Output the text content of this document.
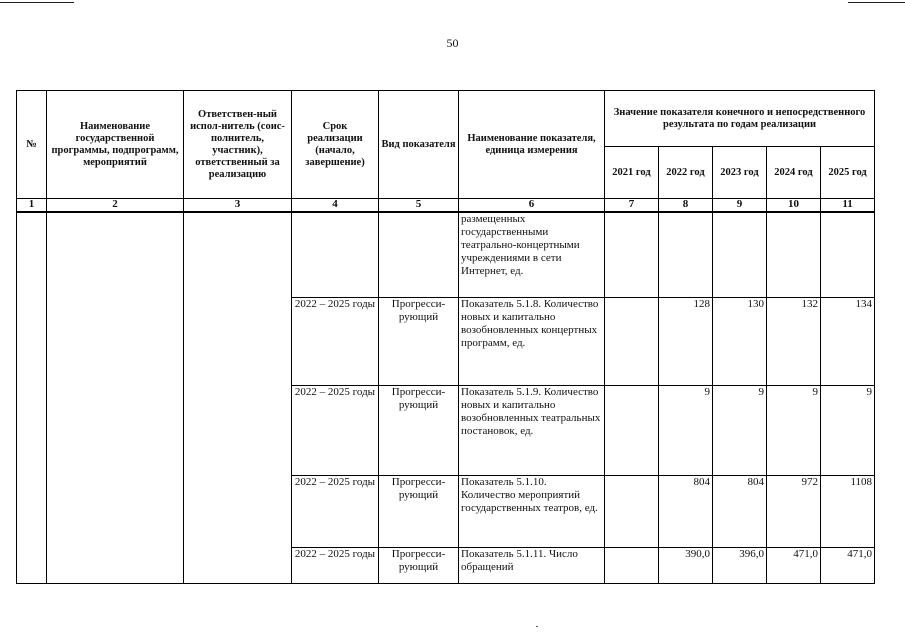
50
№	Наименование государственной программы, подпрограмм, мероприятий	Ответствен-ный испол-нитель (соис-полнитель, участник), ответственный за реализацию	Срок реализации (начало, завершение)	Вид показателя	Наименование показателя, единица измерения	Значение показателя конечного и непосредственного результата по годам реализации				
						2021 год	2022 год	2023 год	2024 год	2025 год
1	2	3	4	5	6	7	8	9	10	11
					размещенных государственными театрально-концертными учреждениями в сети Интернет, ед.					
			2022 – 2025 годы	Прогресси-рующий	Показатель 5.1.8. Количество новых и капитально возобновленных концертных программ, ед.		128	130	132	134
			2022 – 2025 годы	Прогресси-рующий	Показатель 5.1.9. Количество новых и капитально возобновленных театральных постановок, ед.		9	9	9	9
			2022 – 2025 годы	Прогресси-рующий	Показатель 5.1.10. Количество мероприятий государственных театров, ед.		804	804	972	1108
			2022 – 2025 годы	Прогресси-рующий	Показатель 5.1.11. Число обращений		390,0	396,0	471,0	471,0
